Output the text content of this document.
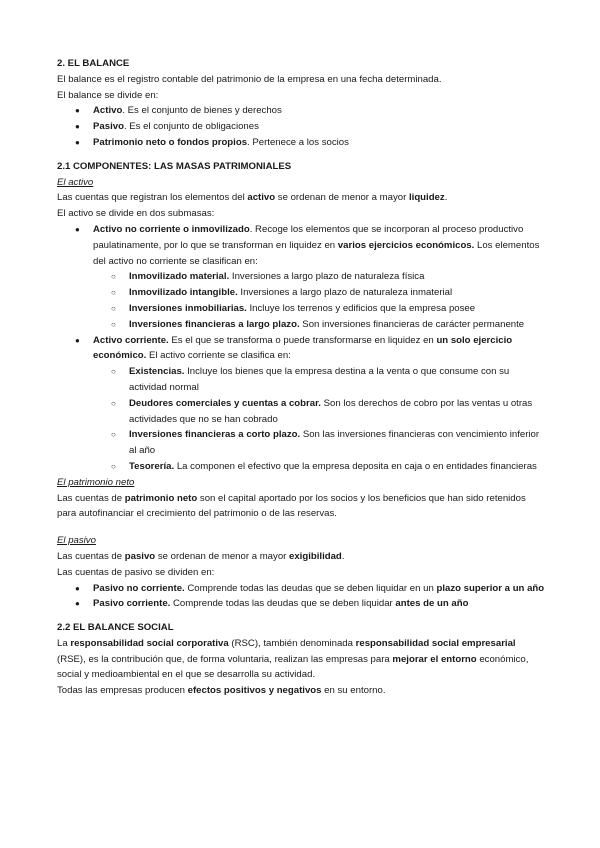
2. EL BALANCE

El balance es el registro contable del patrimonio de la empresa en una fecha determinada.

El balance se divide en:

● Activo. Es el conjunto de bienes y derechos
● Pasivo. Es el conjunto de obligaciones
● Patrimonio neto o fondos propios. Pertenece a los socios

2.1 COMPONENTES: LAS MASAS PATRIMONIALES

El activo

Las cuentas que registran los elementos del activo se ordenan de menor a mayor liquidez.

El activo se divide en dos submasas:

● Activo no corriente o inmovilizado. Recoge los elementos que se incorporan al proceso productivo paulatinamente, por lo que se transforman en liquidez en varios ejercicios económicos. Los elementos del activo no corriente se clasifican en:
○ Inmovilizado material. Inversiones a largo plazo de naturaleza física
○ Inmovilizado intangible. Inversiones a largo plazo de naturaleza inmaterial
○ Inversiones inmobiliarias. Incluye los terrenos y edificios que la empresa posee
○ Inversiones financieras a largo plazo. Son inversiones financieras de carácter permanente
● Activo corriente. Es el que se transforma o puede transformarse en liquidez en un solo ejercicio económico. El activo corriente se clasifica en:
○ Existencias. Incluye los bienes que la empresa destina a la venta o que consume con su actividad normal
○ Deudores comerciales y cuentas a cobrar. Son los derechos de cobro por las ventas u otras actividades que no se han cobrado
○ Inversiones financieras a corto plazo. Son las inversiones financieras con vencimiento inferior al año
○ Tesorería. La componen el efectivo que la empresa deposita en caja o en entidades financieras

El patrimonio neto

Las cuentas de patrimonio neto son el capital aportado por los socios y los beneficios que han sido retenidos para autofinanciar el crecimiento del patrimonio o de las reservas.

El pasivo

Las cuentas de pasivo se ordenan de menor a mayor exigibilidad.

Las cuentas de pasivo se dividen en:

● Pasivo no corriente. Comprende todas las deudas que se deben liquidar en un plazo superior a un año
● Pasivo corriente. Comprende todas las deudas que se deben liquidar antes de un año

2.2 EL BALANCE SOCIAL

La responsabilidad social corporativa (RSC), también denominada responsabilidad social empresarial (RSE), es la contribución que, de forma voluntaria, realizan las empresas para mejorar el entorno económico, social y medioambiental en el que se desarrolla su actividad.

Todas las empresas producen efectos positivos y negativos en su entorno.
